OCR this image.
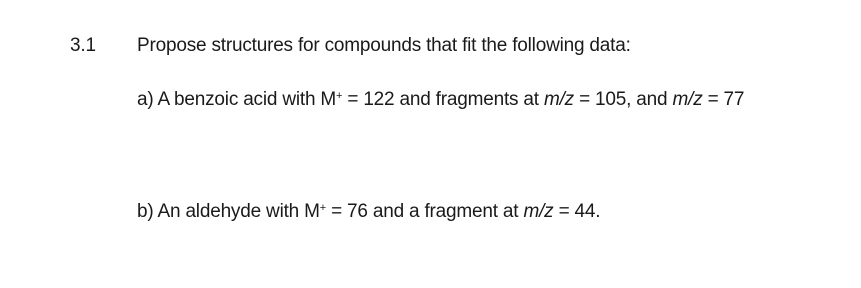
3.1 Propose structures for compounds that fit the following data:
a) A benzoic acid with M+ = 122 and fragments at m/z = 105, and m/z = 77
b) An aldehyde with M+ = 76 and a fragment at m/z = 44.
